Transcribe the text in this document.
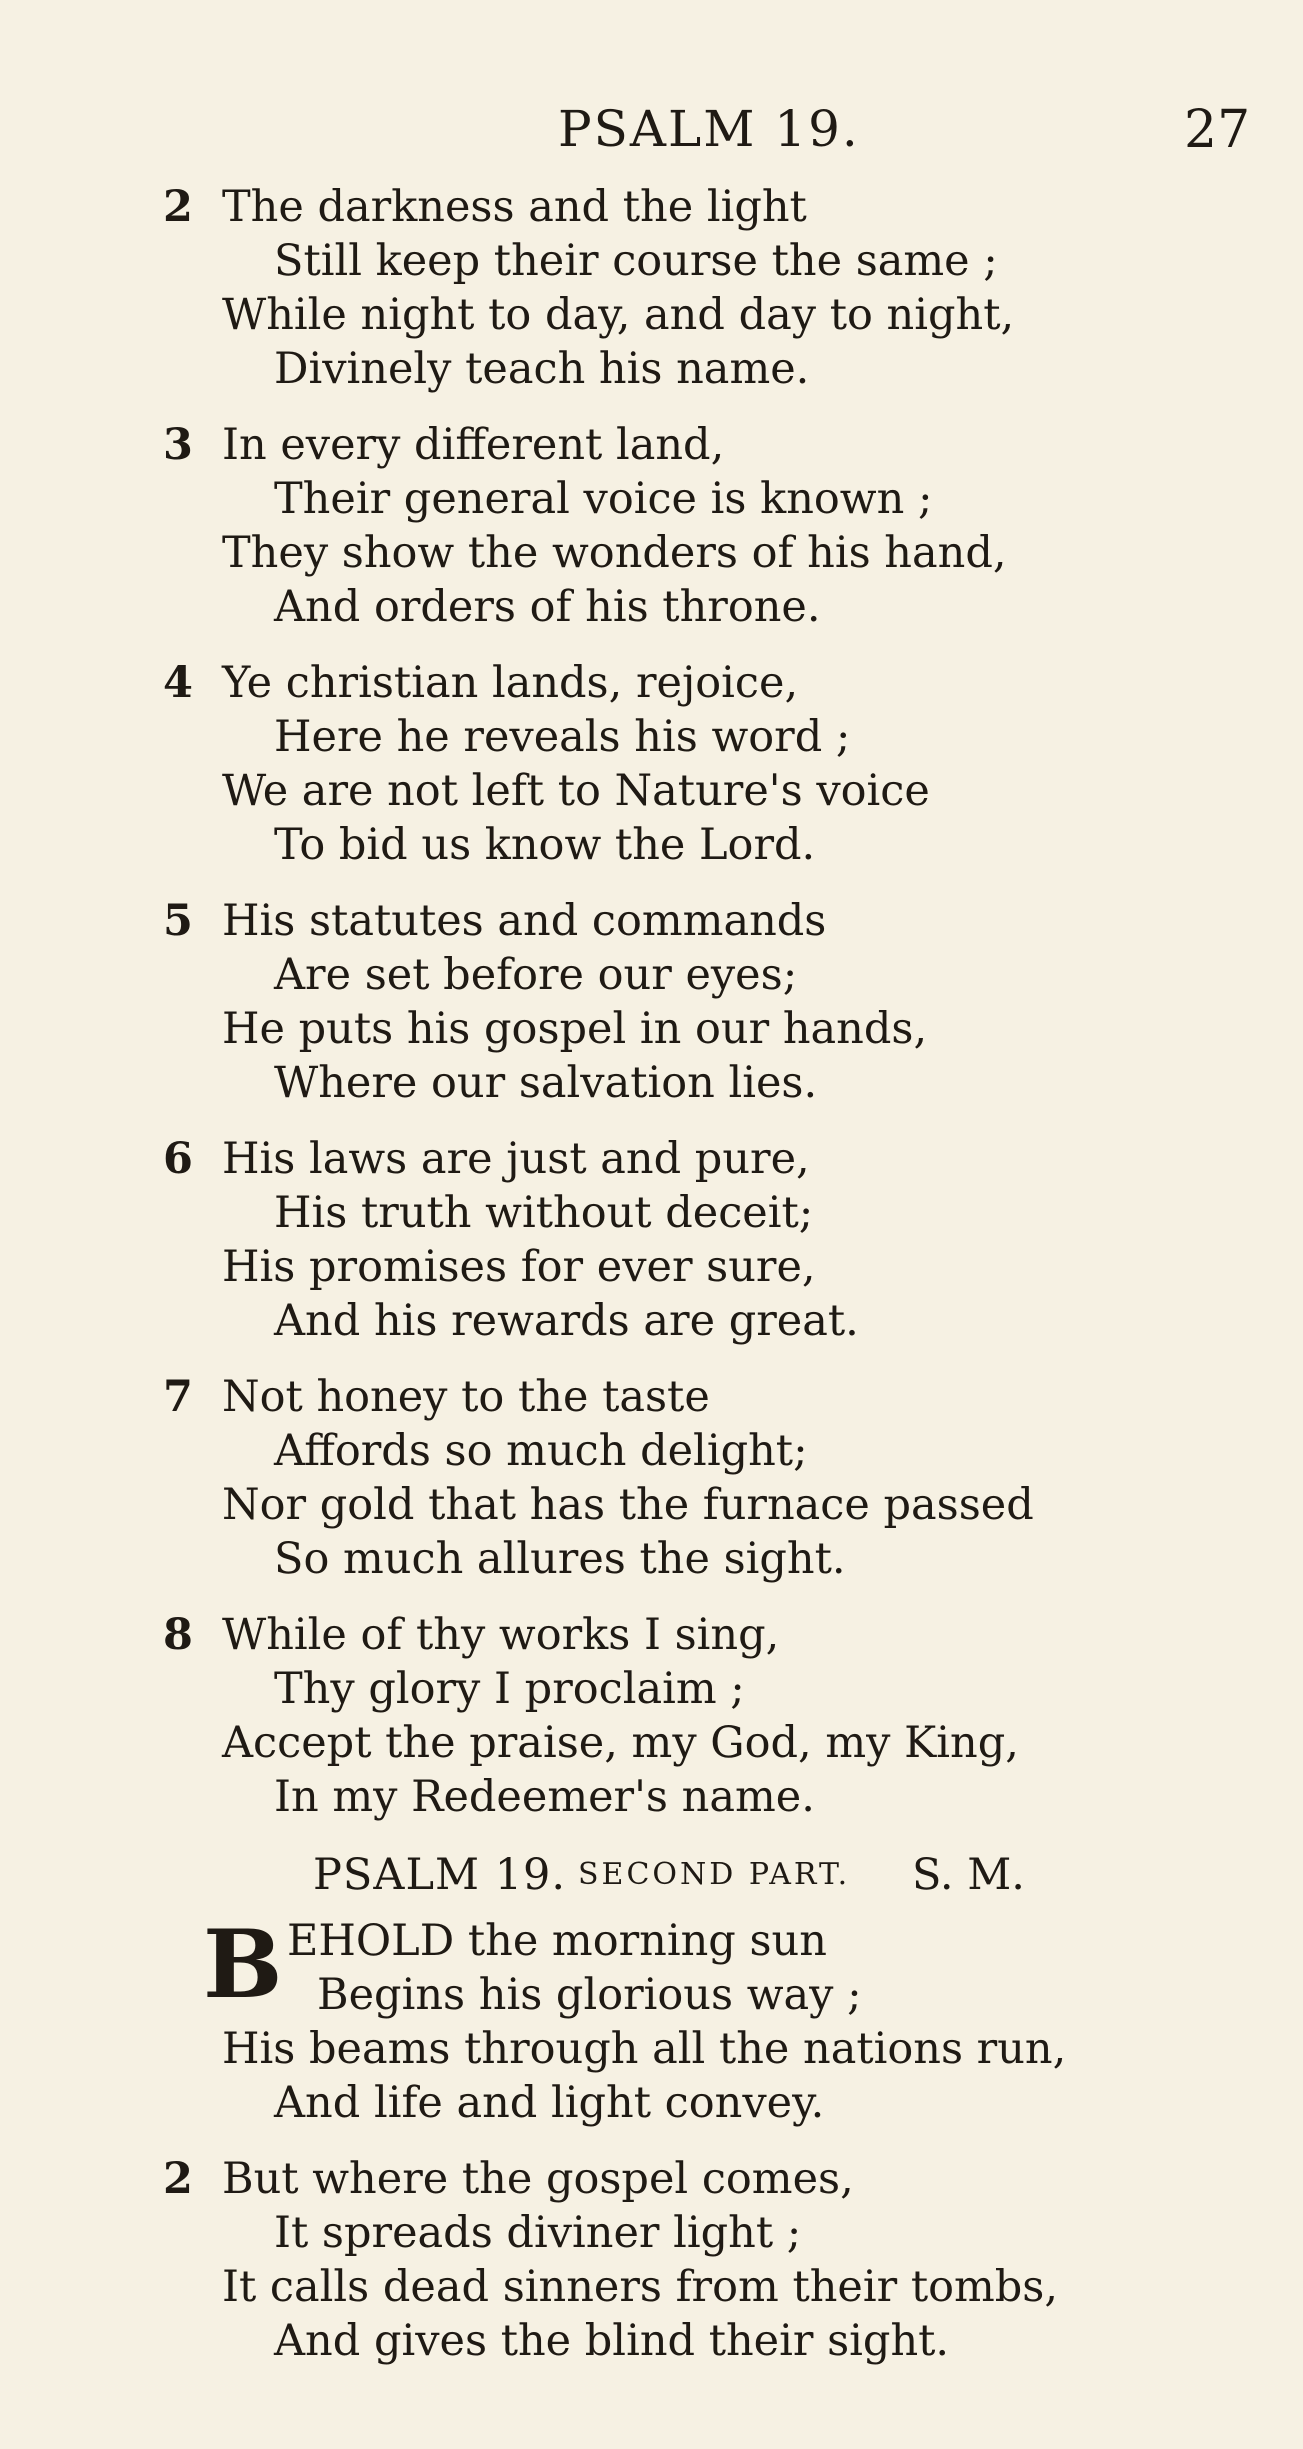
PSALM 19.	27
2 The darkness and the light
Still keep their course the same ;
While night to day, and day to night,
Divinely teach his name.
3 In every different land,
Their general voice is known ;
They show the wonders of his hand,
And orders of his throne.
4 Ye christian lands, rejoice,
Here he reveals his word ;
We are not left to Nature's voice
To bid us know the Lord.
5 His statutes and commands
Are set before our eyes;
He puts his gospel in our hands,
Where our salvation lies.
6 His laws are just and pure,
His truth without deceit;
His promises for ever sure,
And his rewards are great.
7 Not honey to the taste
Affords so much delight;
Nor gold that has the furnace passed
So much allures the sight.
8 While of thy works I sing,
Thy glory I proclaim ;
Accept the praise, my God, my King,
In my Redeemer's name.
PSALM 19. SECOND PART. S. M.
B EHOLD the morning sun
Begins his glorious way ;
His beams through all the nations run,
And life and light convey.
2 But where the gospel comes,
It spreads diviner light ;
It calls dead sinners from their tombs,
And gives the blind their sight.
